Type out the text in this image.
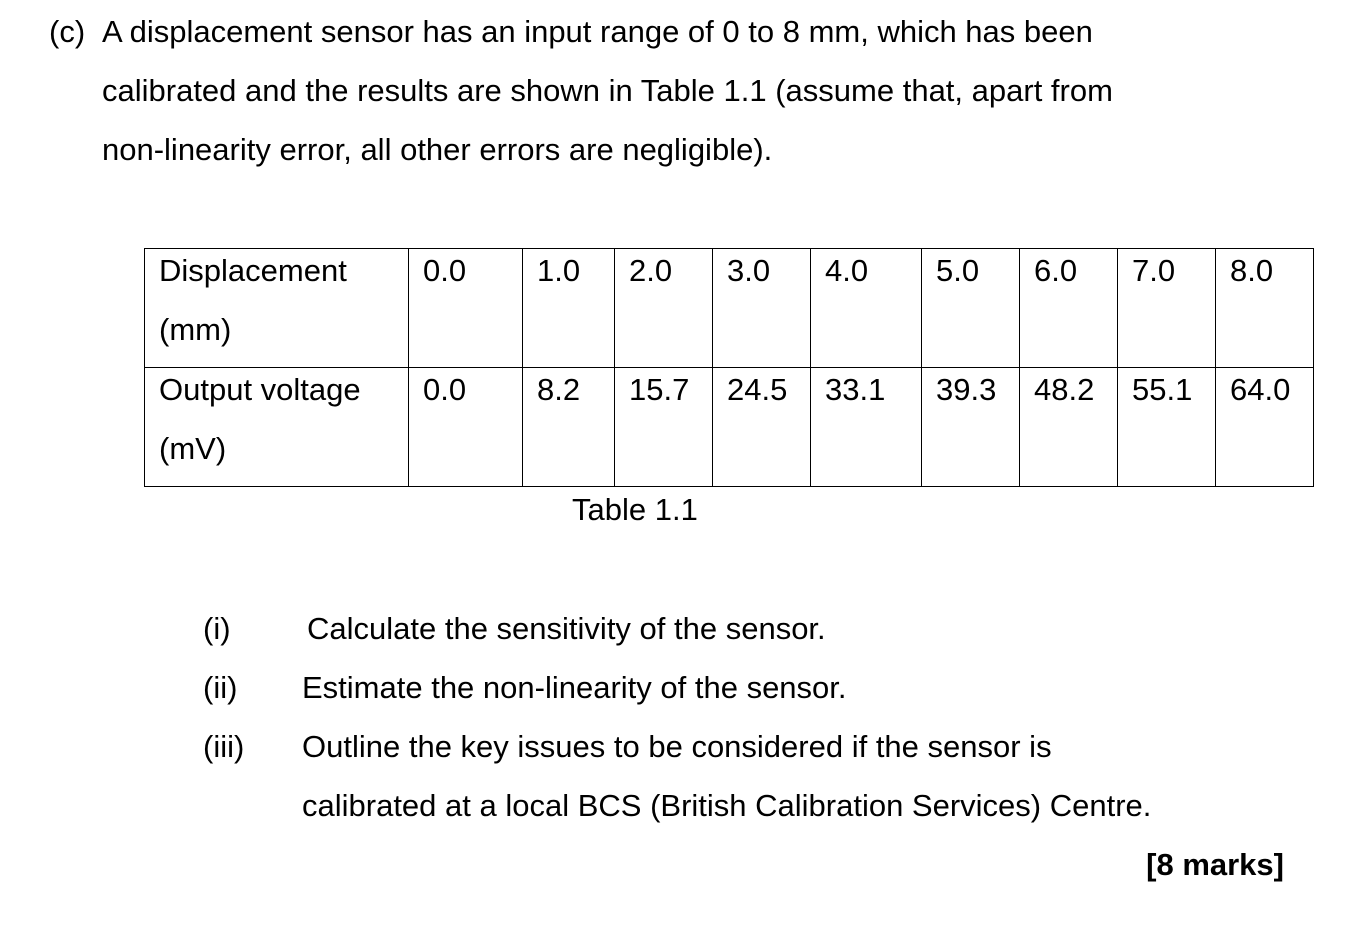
(c) A displacement sensor has an input range of 0 to 8 mm, which has been
calibrated and the results are shown in Table 1.1 (assume that, apart from
non-linearity error, all other errors are negligible).
Displacement
(mm)	0.0	1.0	2.0	3.0	4.0	5.0	6.0	7.0	8.0

Output voltage
(mV)	0.0	8.2	15.7	24.5	33.1	39.3	48.2	55.1	64.0
Table 1.1
(i) Calculate the sensitivity of the sensor.
(ii) Estimate the non-linearity of the sensor.
(iii) Outline the key issues to be considered if the sensor is
calibrated at a local BCS (British Calibration Services) Centre.
[8 marks]
